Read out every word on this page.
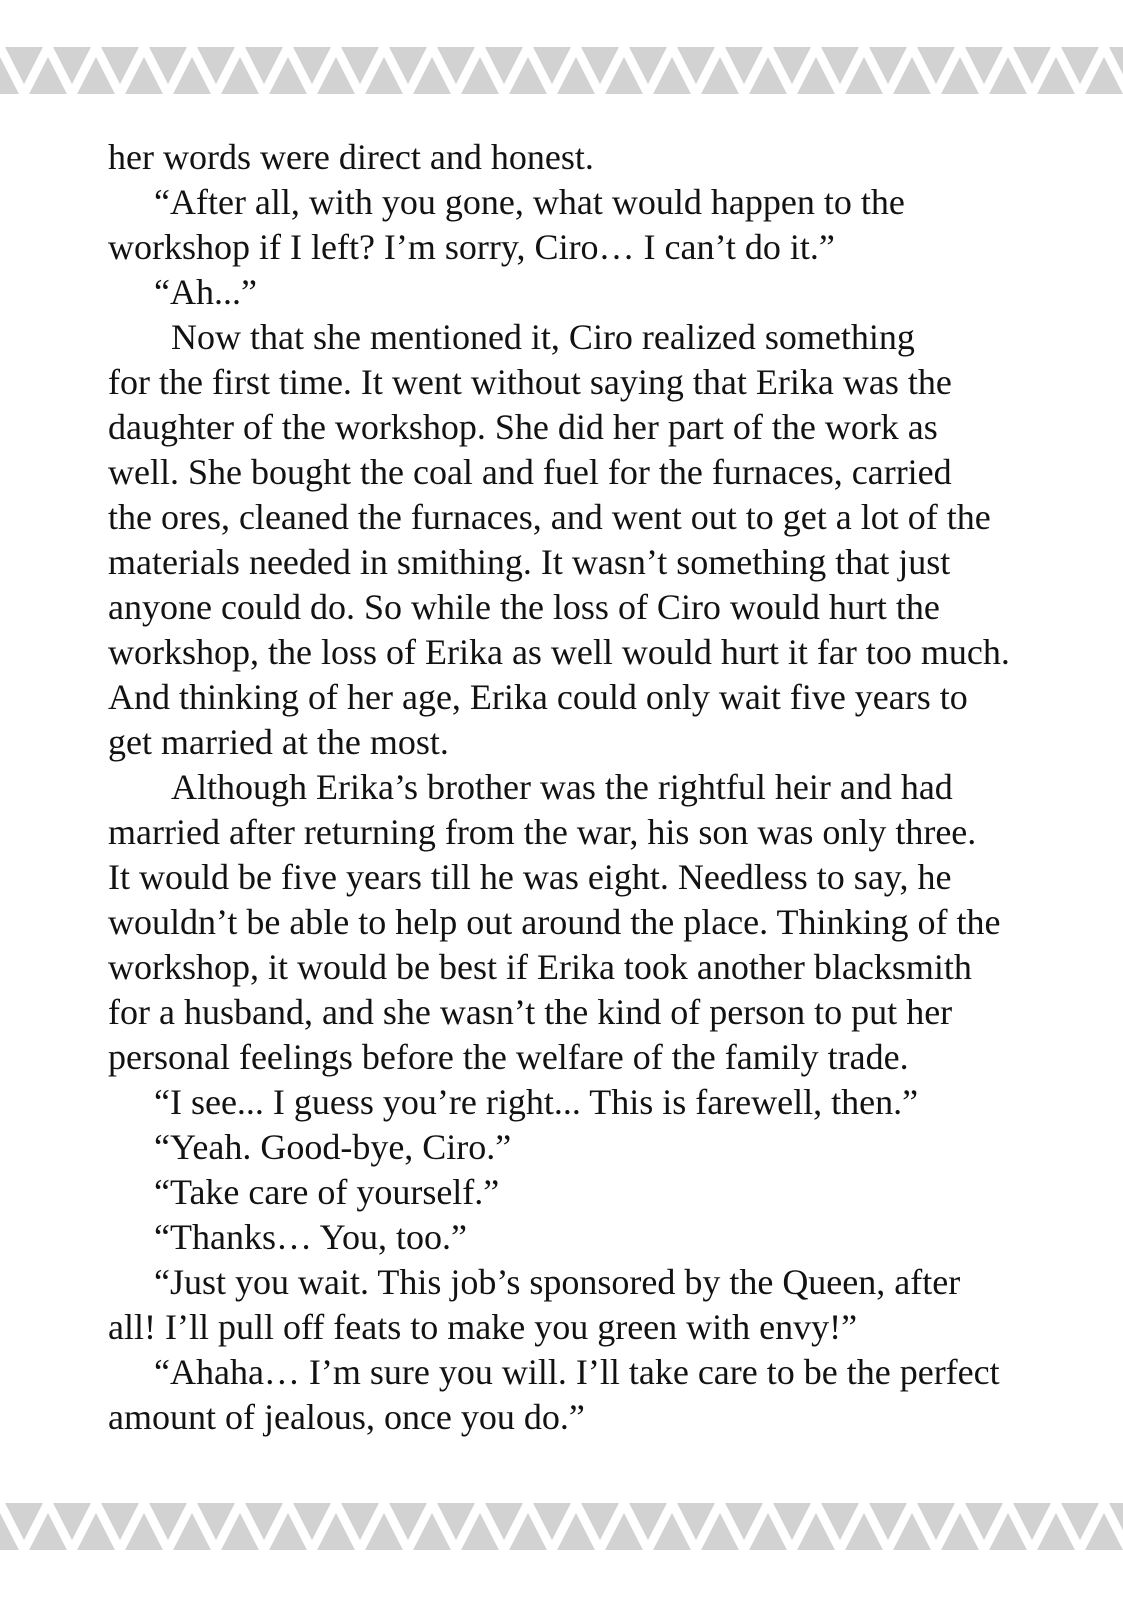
her words were direct and honest.
“After all, with you gone, what would happen to the
workshop if I left? I’m sorry, Ciro… I can’t do it.”
“Ah...”
Now that she mentioned it, Ciro realized something
for the first time. It went without saying that Erika was the
daughter of the workshop. She did her part of the work as
well. She bought the coal and fuel for the furnaces, carried
the ores, cleaned the furnaces, and went out to get a lot of the
materials needed in smithing. It wasn’t something that just
anyone could do. So while the loss of Ciro would hurt the
workshop, the loss of Erika as well would hurt it far too much.
And thinking of her age, Erika could only wait five years to
get married at the most.
Although Erika’s brother was the rightful heir and had
married after returning from the war, his son was only three.
It would be five years till he was eight. Needless to say, he
wouldn’t be able to help out around the place. Thinking of the
workshop, it would be best if Erika took another blacksmith
for a husband, and she wasn’t the kind of person to put her
personal feelings before the welfare of the family trade.
“I see... I guess you’re right... This is farewell, then.”
“Yeah. Good-bye, Ciro.”
“Take care of yourself.”
“Thanks… You, too.”
“Just you wait. This job’s sponsored by the Queen, after
all! I’ll pull off feats to make you green with envy!”
“Ahaha… I’m sure you will. I’ll take care to be the perfect
amount of jealous, once you do.”
